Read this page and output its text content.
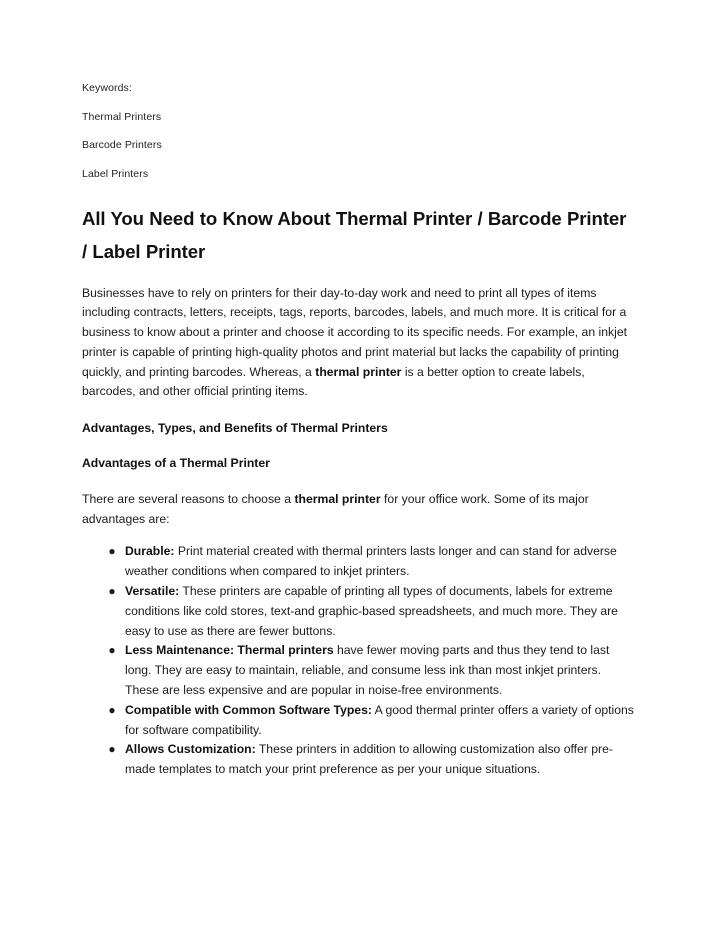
Keywords:

Thermal Printers

Barcode Printers

Label Printers

All You Need to Know About Thermal Printer / Barcode Printer / Label Printer

Businesses have to rely on printers for their day-to-day work and need to print all types of items including contracts, letters, receipts, tags, reports, barcodes, labels, and much more. It is critical for a business to know about a printer and choose it according to its specific needs. For example, an inkjet printer is capable of printing high-quality photos and print material but lacks the capability of printing quickly, and printing barcodes. Whereas, a thermal printer is a better option to create labels, barcodes, and other official printing items.

Advantages, Types, and Benefits of Thermal Printers

Advantages of a Thermal Printer

There are several reasons to choose a thermal printer for your office work. Some of its major advantages are:

● Durable: Print material created with thermal printers lasts longer and can stand for adverse weather conditions when compared to inkjet printers.
● Versatile: These printers are capable of printing all types of documents, labels for extreme conditions like cold stores, text-and graphic-based spreadsheets, and much more. They are easy to use as there are fewer buttons.
● Less Maintenance: Thermal printers have fewer moving parts and thus they tend to last long. They are easy to maintain, reliable, and consume less ink than most inkjet printers. These are less expensive and are popular in noise-free environments.
● Compatible with Common Software Types: A good thermal printer offers a variety of options for software compatibility.
● Allows Customization: These printers in addition to allowing customization also offer pre-made templates to match your print preference as per your unique situations.
